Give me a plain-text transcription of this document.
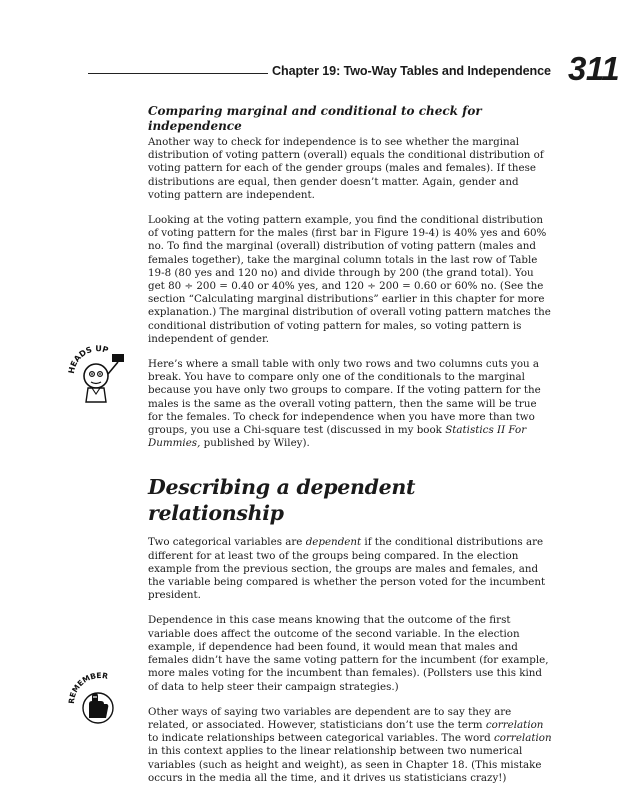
Chapter 19: Two-Way Tables and Independence 311
HEADS UP
REMEMBER
Comparing marginal and conditional to check for independence

Another way to check for independence is to see whether the marginal distribution of voting pattern (overall) equals the conditional distribution of voting pattern for each of the gender groups (males and females). If these distributions are equal, then gender doesn’t matter. Again, gender and voting pattern are independent.

Looking at the voting pattern example, you find the conditional distribution of voting pattern for the males (first bar in Figure 19-4) is 40% yes and 60% no. To find the marginal (overall) distribution of voting pattern (males and females together), take the marginal column totals in the last row of Table 19-8 (80 yes and 120 no) and divide through by 200 (the grand total). You get 80 ÷ 200 = 0.40 or 40% yes, and 120 ÷ 200 = 0.60 or 60% no. (See the section “Calculating marginal distributions” earlier in this chapter for more explanation.) The marginal distribution of overall voting pattern matches the conditional distribution of voting pattern for males, so voting pattern is independent of gender.

Here’s where a small table with only two rows and two columns cuts you a break. You have to compare only one of the conditionals to the marginal because you have only two groups to compare. If the voting pattern for the males is the same as the overall voting pattern, then the same will be true for the females. To check for independence when you have more than two groups, you use a Chi-square test (discussed in my book Statistics II For Dummies, published by Wiley).

Describing a dependent relationship

Two categorical variables are dependent if the conditional distributions are different for at least two of the groups being compared. In the election example from the previous section, the groups are males and females, and the variable being compared is whether the person voted for the incumbent president.

Dependence in this case means knowing that the outcome of the first variable does affect the outcome of the second variable. In the election example, if dependence had been found, it would mean that males and females didn’t have the same voting pattern for the incumbent (for example, more males voting for the incumbent than females). (Pollsters use this kind of data to help steer their campaign strategies.)

Other ways of saying two variables are dependent are to say they are related, or associated. However, statisticians don’t use the term correlation to indicate relationships between categorical variables. The word correlation in this context applies to the linear relationship between two numerical variables (such as height and weight), as seen in Chapter 18. (This mistake occurs in the media all the time, and it drives us statisticians crazy!)
